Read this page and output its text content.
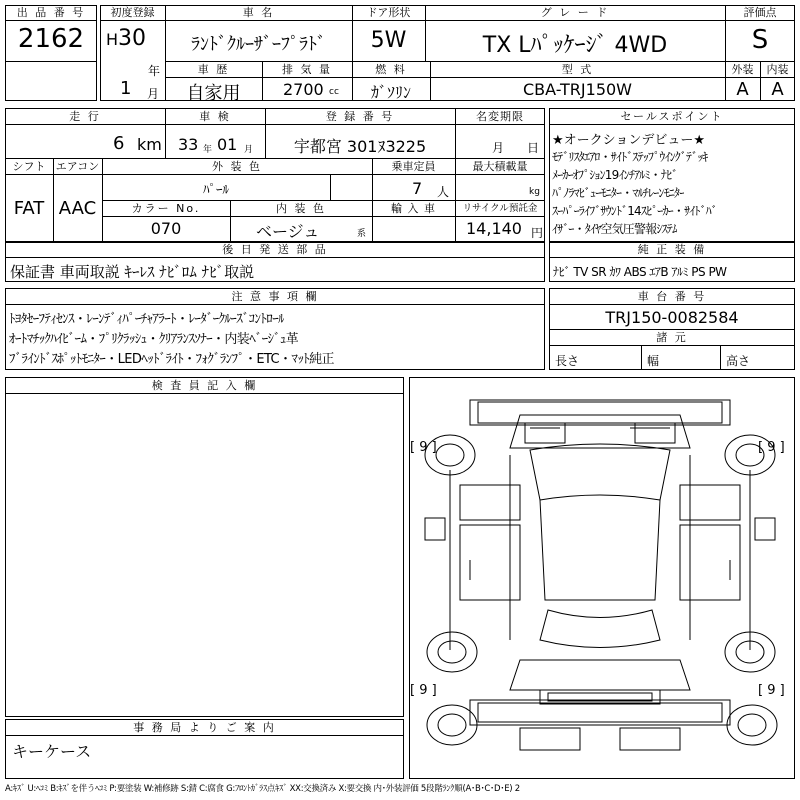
出 品 番 号
2162
初度登録
H 30
年
1 月
車 名
ﾗﾝﾄﾞｸﾙｰｻﾞｰﾌﾟﾗﾄﾞ
ドア形状
5W
グ レ ー ド
TX Lﾊﾟｯｹｰｼﾞ 4WD
評価点
S
車 歴
自家用
排 気 量
2700 cc
燃 料
ｶﾞｿﾘﾝ
型 式
CBA-TRJ150W
外装
A
内装
A
走 行
6 km
車 検
33 年 01 月
登 録 番 号
宇都宮 301ﾇ3225
名変期限
月 日
シフト
FAT
エアコン
AAC
外 装 色
ﾊﾟｰﾙ
乗車定員
7 人
最大積載量
kg
カラー No.
070
内 装 色
ベージュ	系
輸 入 車	リサイクル預託金
14,140 円
セールスポイント
★オークションデビュー★
ﾓﾃﾞﾘｽﾀｴｱﾛ・ｻｲﾄﾞｽﾃｯﾌﾟｳｲﾝｸﾞﾃﾞｯｷ
ﾒｰｶｰｵﾌﾟｼｮﾝ19ｲﾝﾁｱﾙﾐ・ﾅﾋﾞ
ﾊﾟﾉﾗﾏﾋﾞｭｰﾓﾆﾀｰ・ﾏﾙﾁﾚｰﾝﾓﾆﾀｰ
ｽｰﾊﾟｰﾗｲﾌﾞｻｳﾝﾄﾞ14ｽﾋﾟｰｶｰ・ｻｲﾄﾞﾊﾞ
ｲｻﾞｰ・ﾀｲﾔ空気圧警報ｼｽﾃﾑ
後 日 発 送 部 品
保証書 車両取説 ｷｰﾚｽ ﾅﾋﾞﾛﾑ ﾅﾋﾞ取説
純 正 装 備
ﾅﾋﾞ TV SR ｶﾜ ABS ｴｱB ｱﾙﾐ PS PW
注 意 事 項 欄
ﾄﾖﾀｾｰﾌﾃｨｾﾝｽ・ﾚｰﾝﾃﾞｨﾊﾟｰﾁｬｱﾗｰﾄ・ﾚｰﾀﾞｰｸﾙｰｽﾞｺﾝﾄﾛｰﾙ
ｵｰﾄﾏﾁｯｸﾊｲﾋﾞｰﾑ・ﾌﾟﾘｸﾗｯｼｭ・ｸﾘｱﾗﾝｽｿﾅｰ・内装ﾍﾞｰｼﾞｭ革
ﾌﾞﾗｲﾝﾄﾞｽﾎﾟｯﾄﾓﾆﾀｰ・LEDﾍｯﾄﾞﾗｲﾄ・ﾌｫｸﾞﾗﾝﾌﾟ・ETC・ﾏｯﾄ純正
車 台 番 号
TRJ150-0082584
諸 元
長さ	幅	高さ
検 査 員 記 入 欄
[ 9 ]	[ 9 ]
[ 9 ]	[ 9 ]
事 務 局 よ り ご 案 内
キーケース
A:ｷｽﾞ U:ﾍｺﾐ B:ｷｽﾞを伴うﾍｺﾐ P:要塗装 W:補修跡 S:錆 C:腐食 G:ﾌﾛﾝﾄｶﾞﾗｽ点ｷｽﾞ XX:交換済み X:要交換 内･外装評価 5段階ﾗﾝｸ順(A･B･C･D･E) 2
